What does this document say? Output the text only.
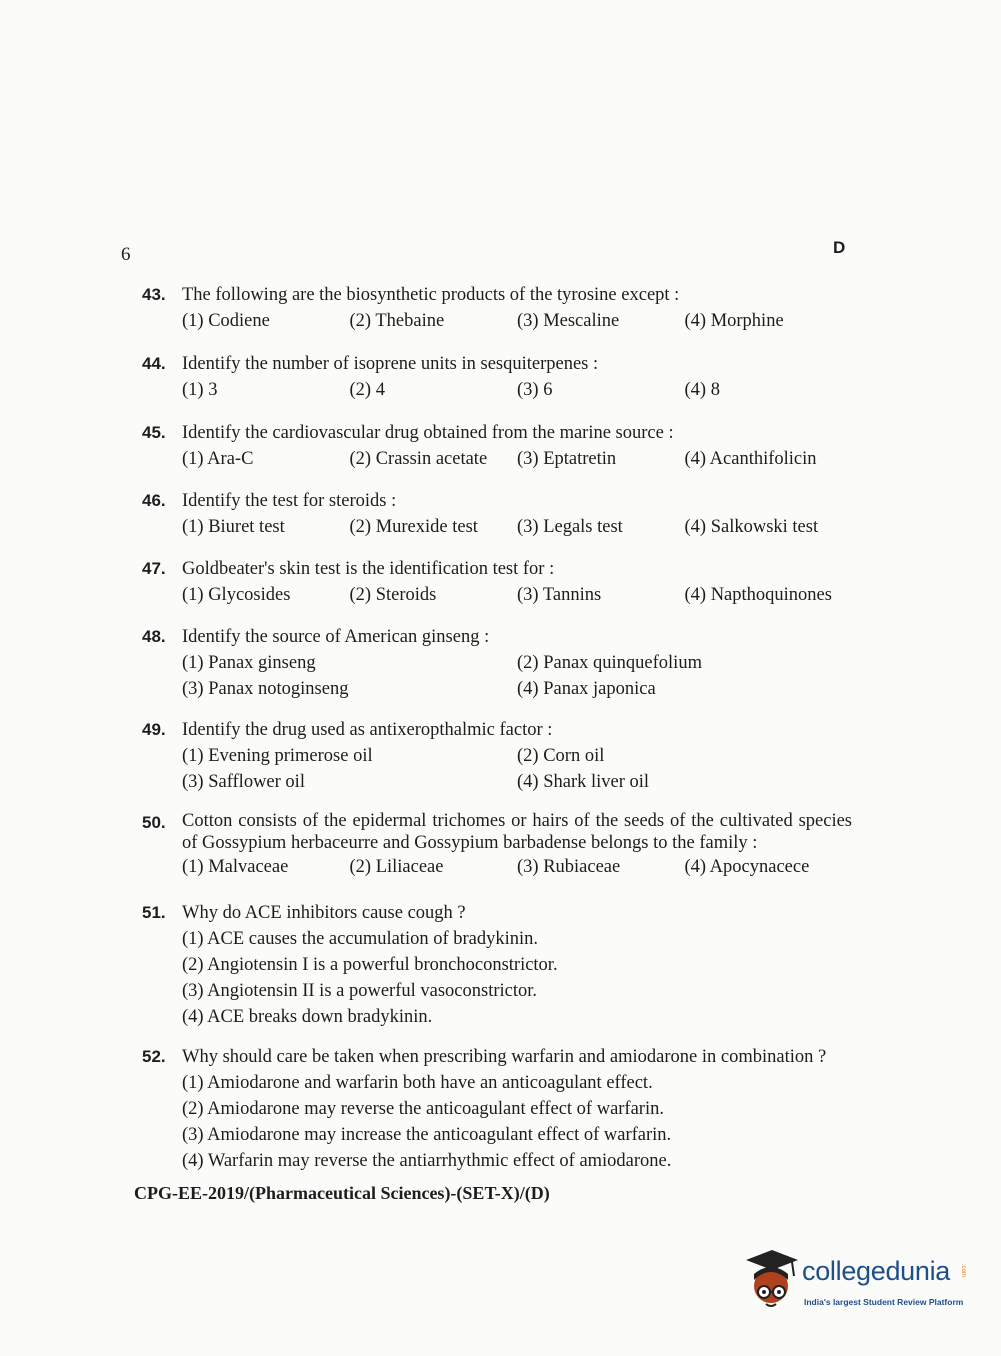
6	D
43. The following are the biosynthetic products of the tyrosine except :
(1) Codiene	(2) Thebaine	(3) Mescaline	(4) Morphine
44. Identify the number of isoprene units in sesquiterpenes :
(1) 3	(2) 4	(3) 6	(4) 8
45. Identify the cardiovascular drug obtained from the marine source :
(1) Ara-C	(2) Crassin acetate	(3) Eptatretin	(4) Acanthifolicin
46. Identify the test for steroids :
(1) Biuret test	(2) Murexide test	(3) Legals test	(4) Salkowski test
47. Goldbeater's skin test is the identification test for :
(1) Glycosides	(2) Steroids	(3) Tannins	(4) Napthoquinones
48. Identify the source of American ginseng :
(1) Panax ginseng	(2) Panax quinquefolium
(3) Panax notoginseng	(4) Panax japonica
49. Identify the drug used as antixeropthalmic factor :
(1) Evening primerose oil	(2) Corn oil
(3) Safflower oil	(4) Shark liver oil
50. Cotton consists of the epidermal trichomes or hairs of the seeds of the cultivated species of Gossypium herbaceurre and Gossypium barbadense belongs to the family :
(1) Malvaceae	(2) Liliaceae	(3) Rubiaceae	(4) Apocynacece
51. Why do ACE inhibitors cause cough ?
(1) ACE causes the accumulation of bradykinin.
(2) Angiotensin I is a powerful bronchoconstrictor.
(3) Angiotensin II is a powerful vasoconstrictor.
(4) ACE breaks down bradykinin.
52. Why should care be taken when prescribing warfarin and amiodarone in combination ?
(1) Amiodarone and warfarin both have an anticoagulant effect.
(2) Amiodarone may reverse the anticoagulant effect of warfarin.
(3) Amiodarone may increase the anticoagulant effect of warfarin.
(4) Warfarin may reverse the antiarrhythmic effect of amiodarone.
CPG-EE-2019/(Pharmaceutical Sciences)-(SET-X)/(D)
collegedunia .com
India's largest Student Review Platform
